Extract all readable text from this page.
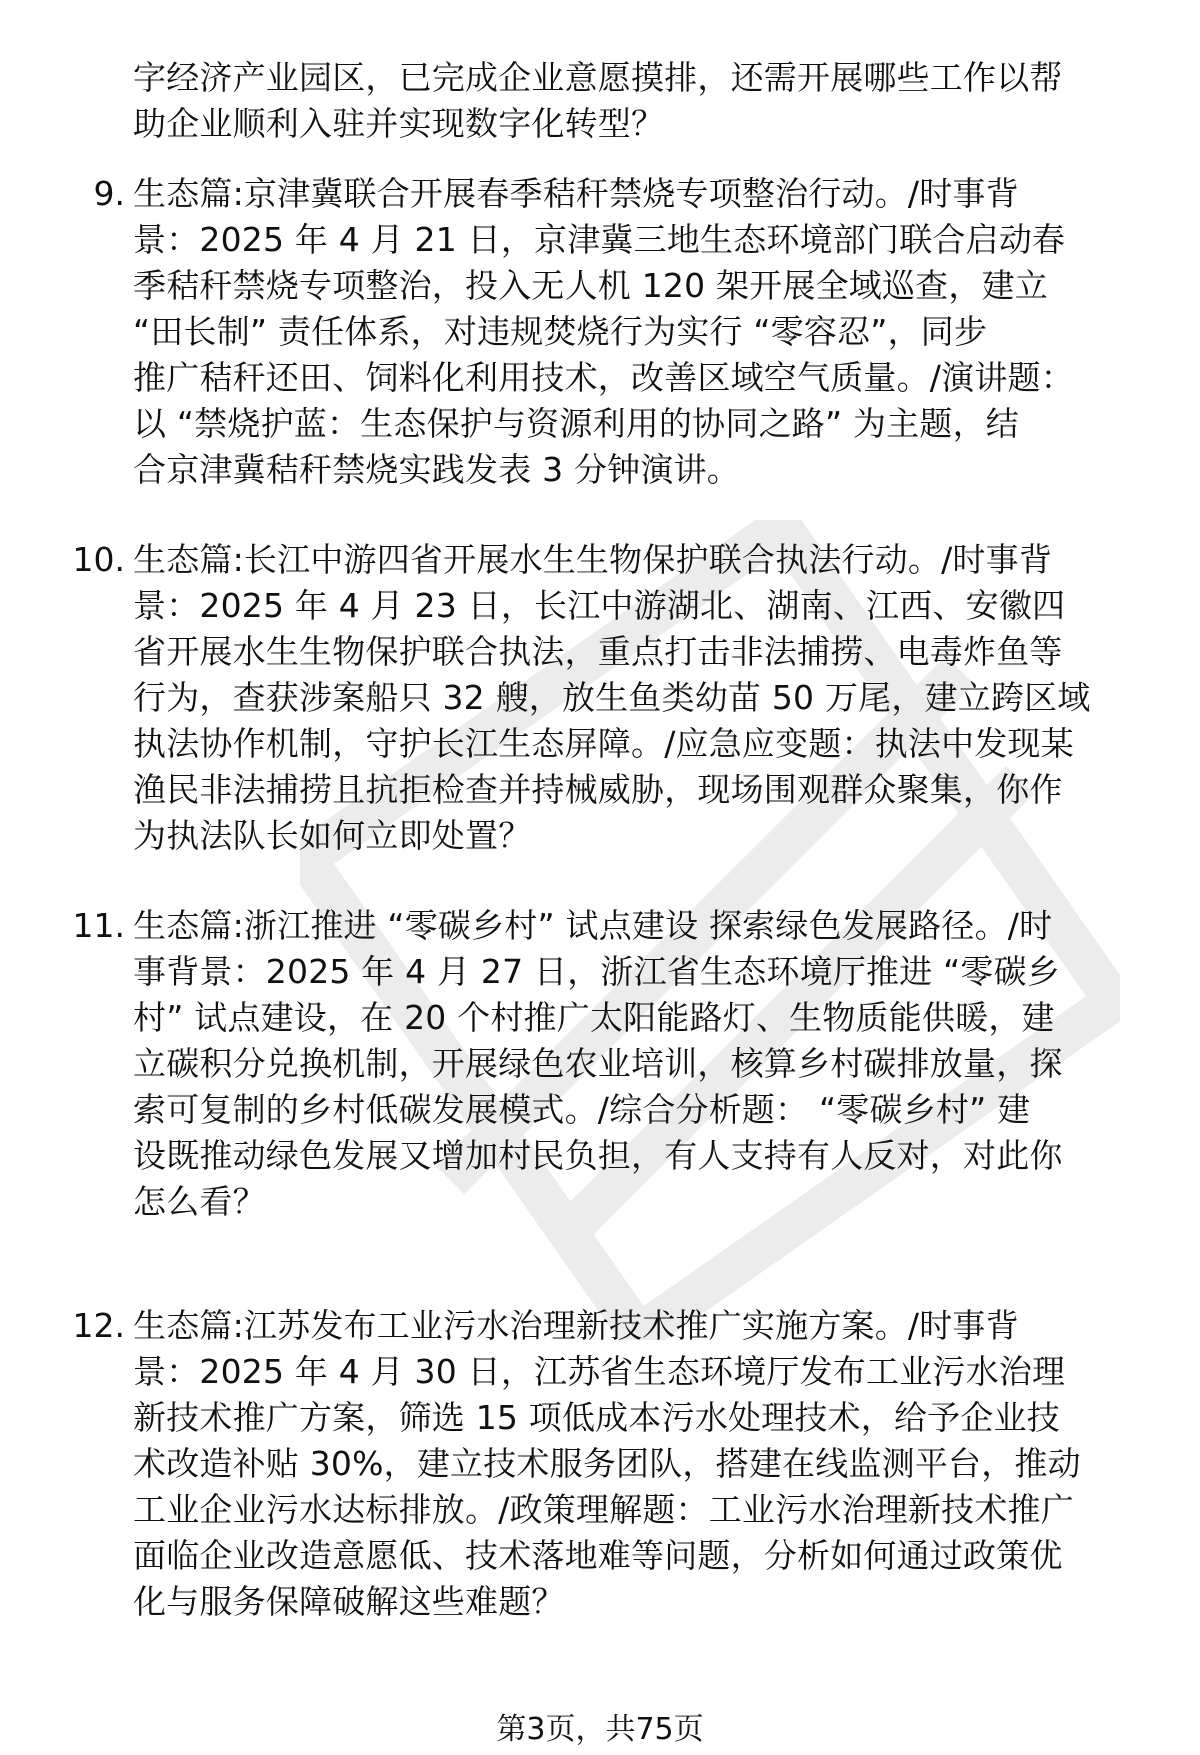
字经济产业园区，已完成企业意愿摸排，还需开展哪些工作以帮
助企业顺利入驻并实现数字化转型？
9. 生态篇:京津冀联合开展春季秸秆禁烧专项整治行动。/时事背
景：2025 年 4 月 21 日，京津冀三地生态环境部门联合启动春
季秸秆禁烧专项整治，投入无人机 120 架开展全域巡查，建立
“田长制” 责任体系，对违规焚烧行为实行 “零容忍”，同步
推广秸秆还田、饲料化利用技术，改善区域空气质量。/演讲题：
以 “禁烧护蓝：生态保护与资源利用的协同之路” 为主题，结
合京津冀秸秆禁烧实践发表 3 分钟演讲。
10. 生态篇:长江中游四省开展水生生物保护联合执法行动。/时事背
景：2025 年 4 月 23 日，长江中游湖北、湖南、江西、安徽四
省开展水生生物保护联合执法，重点打击非法捕捞、电毒炸鱼等
行为，查获涉案船只 32 艘，放生鱼类幼苗 50 万尾，建立跨区域
执法协作机制，守护长江生态屏障。/应急应变题：执法中发现某
渔民非法捕捞且抗拒检查并持械威胁，现场围观群众聚集，你作
为执法队长如何立即处置？
11. 生态篇:浙江推进 “零碳乡村” 试点建设 探索绿色发展路径。/时
事背景：2025 年 4 月 27 日，浙江省生态环境厅推进 “零碳乡
村” 试点建设，在 20 个村推广太阳能路灯、生物质能供暖，建
立碳积分兑换机制，开展绿色农业培训，核算乡村碳排放量，探
索可复制的乡村低碳发展模式。/综合分析题： “零碳乡村” 建
设既推动绿色发展又增加村民负担，有人支持有人反对，对此你
怎么看？
12. 生态篇:江苏发布工业污水治理新技术推广实施方案。/时事背
景：2025 年 4 月 30 日，江苏省生态环境厅发布工业污水治理
新技术推广方案，筛选 15 项低成本污水处理技术，给予企业技
术改造补贴 30%，建立技术服务团队，搭建在线监测平台，推动
工业企业污水达标排放。/政策理解题：工业污水治理新技术推广
面临企业改造意愿低、技术落地难等问题，分析如何通过政策优
化与服务保障破解这些难题？
第3页，共75页
